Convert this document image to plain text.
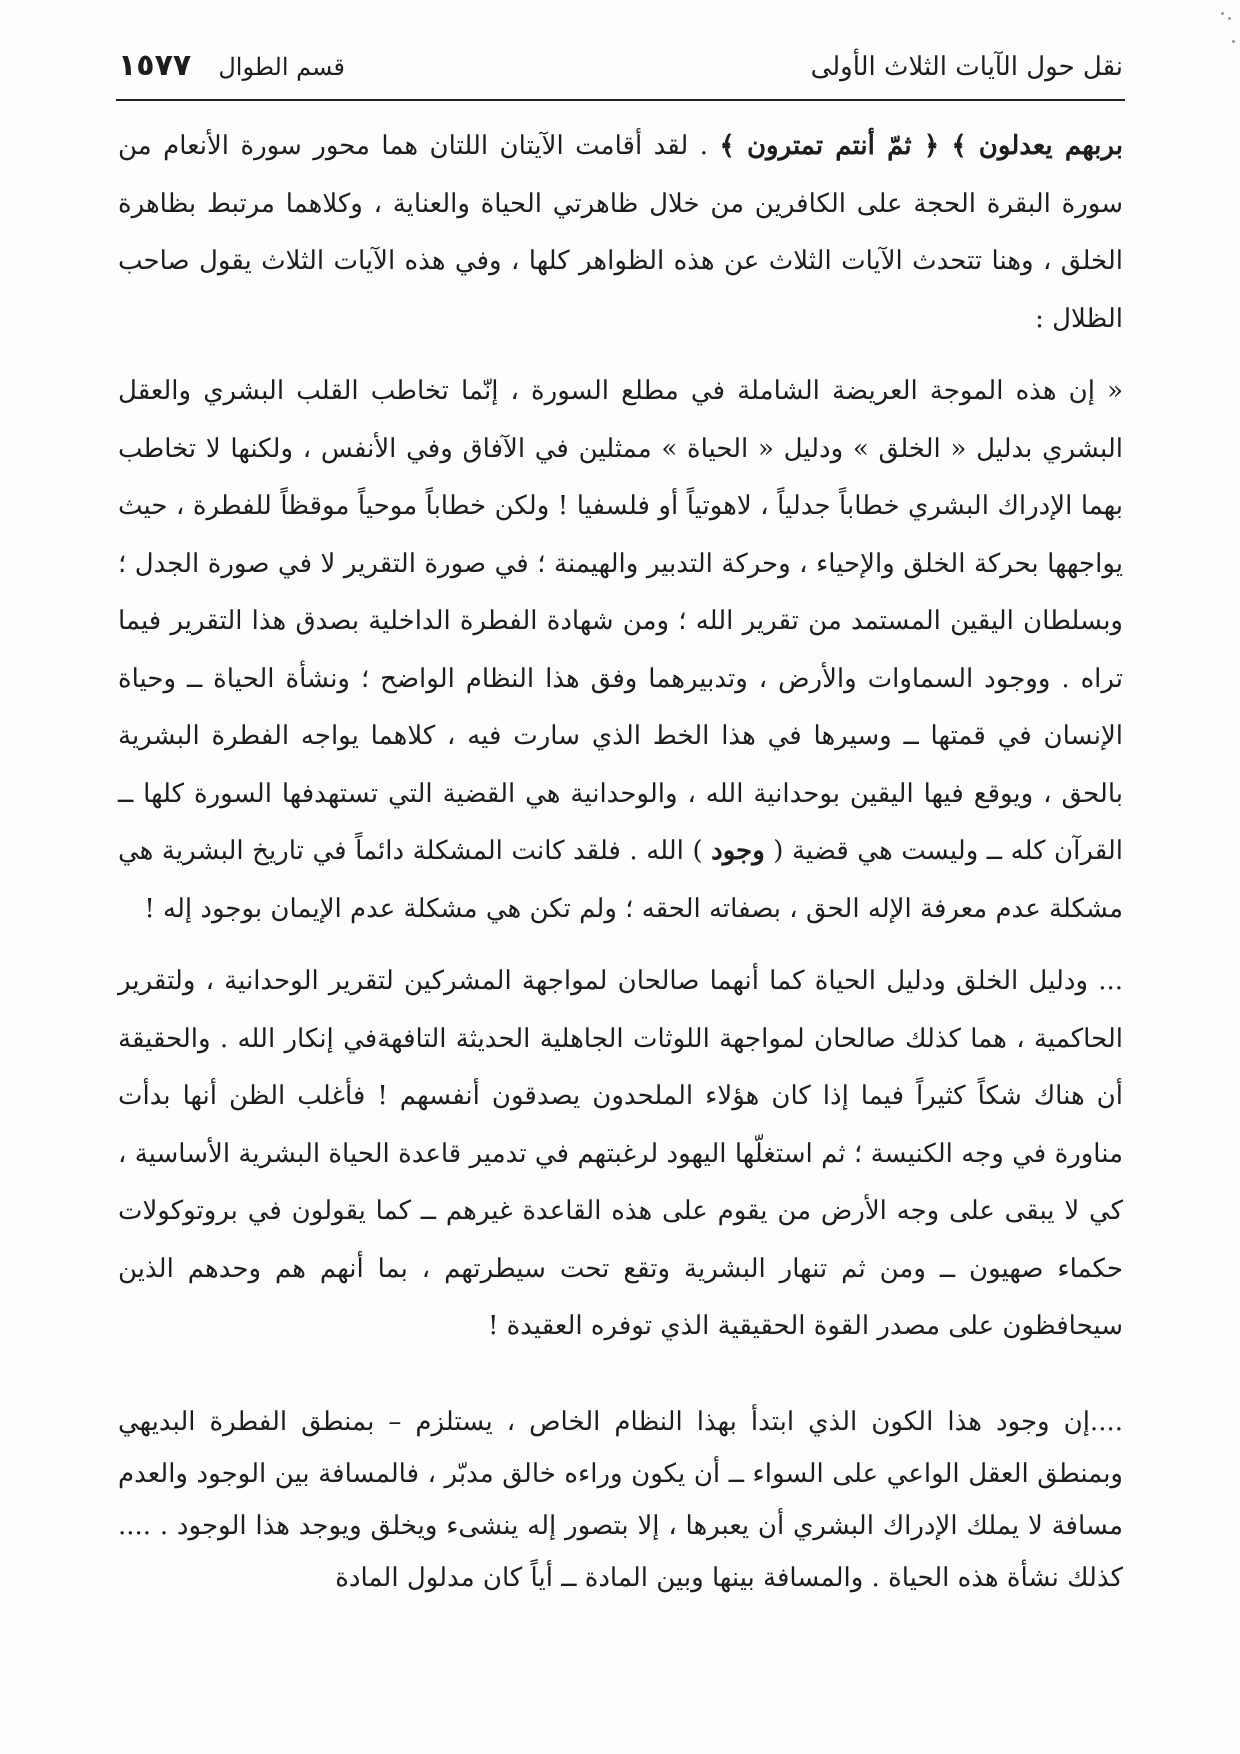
نقل حول الآيات الثلاث الأولى
قسم الطوال ١٥٧٧

بربهم يعدلون ﴾ ﴿ ثمّ أنتم تمترون ﴾ . لقد أقامت الآيتان اللتان هما محور سورة الأنعام من سورة البقرة الحجة على الكافرين من خلال ظاهرتي الحياة والعناية ، وكلاهما مرتبط بظاهرة الخلق ، وهنا تتحدث الآيات الثلاث عن هذه الظواهر كلها ، وفي هذه الآيات الثلاث يقول صاحب الظلال :

« إن هذه الموجة العريضة الشاملة في مطلع السورة ، إنّما تخاطب القلب البشري والعقل البشري بدليل « الخلق » ودليل « الحياة » ممثلين في الآفاق وفي الأنفس ، ولكنها لا تخاطب بهما الإدراك البشري خطاباً جدلياً ، لاهوتياً أو فلسفيا ! ولكن خطاباً موحياً موقظاً للفطرة ، حيث يواجهها بحركة الخلق والإحياء ، وحركة التدبير والهيمنة ؛ في صورة التقرير لا في صورة الجدل ؛ وبسلطان اليقين المستمد من تقرير الله ؛ ومن شهادة الفطرة الداخلية بصدق هذا التقرير فيما تراه . ووجود السماوات والأرض ، وتدبيرهما وفق هذا النظام الواضح ؛ ونشأة الحياة ــ وحياة الإنسان في قمتها ــ وسيرها في هذا الخط الذي سارت فيه ، كلاهما يواجه الفطرة البشرية بالحق ، ويوقع فيها اليقين بوحدانية الله ، والوحدانية هي القضية التي تستهدفها السورة كلها ــ القرآن كله ــ وليست هي قضية ( وجود ) الله . فلقد كانت المشكلة دائماً في تاريخ البشرية هي مشكلة عدم معرفة الإله الحق ، بصفاته الحقه ؛ ولم تكن هي مشكلة عدم الإيمان بوجود إله !

... ودليل الخلق ودليل الحياة كما أنهما صالحان لمواجهة المشركين لتقرير الوحدانية ، ولتقرير الحاكمية ، هما كذلك صالحان لمواجهة اللوثات الجاهلية الحديثة التافهةفي إنكار الله . والحقيقة أن هناك شكاً كثيراً فيما إذا كان هؤلاء الملحدون يصدقون أنفسهم ! فأغلب الظن أنها بدأت مناورة في وجه الكنيسة ؛ ثم استغلّها اليهود لرغبتهم في تدمير قاعدة الحياة البشرية الأساسية ، كي لا يبقى على وجه الأرض من يقوم على هذه القاعدة غيرهم ــ كما يقولون في بروتوكولات حكماء صهيون ــ ومن ثم تنهار البشرية وتقع تحت سيطرتهم ، بما أنهم هم وحدهم الذين سيحافظون على مصدر القوة الحقيقية الذي توفره العقيدة !

....إن وجود هذا الكون الذي ابتدأ بهذا النظام الخاص ، يستلزم – بمنطق الفطرة البديهي وبمنطق العقل الواعي على السواء ــ أن يكون وراءه خالق مدبّر ، فالمسافة بين الوجود والعدم مسافة لا يملك الإدراك البشري أن يعبرها ، إلا بتصور إله ينشىء ويخلق ويوجد هذا الوجود . .... كذلك نشأة هذه الحياة . والمسافة بينها وبين المادة ــ أياً كان مدلول المادة
